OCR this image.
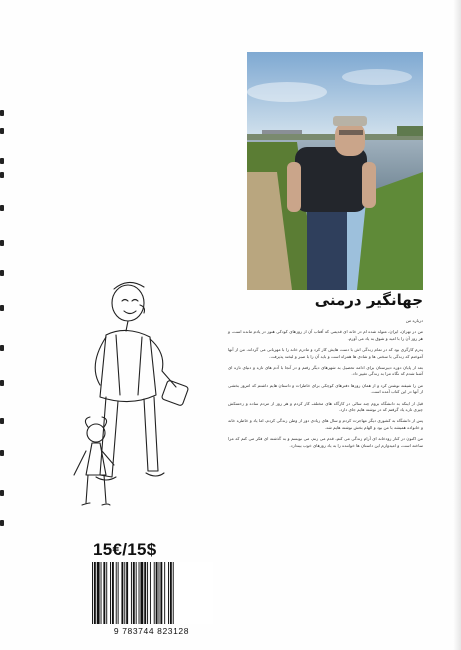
جهانگیر درمنی

درباره من

من در تهران، ایران، متولد شده ام در خانه ای قدیمی که آفتاب آن از روزهای کودکی هنوز در یادم مانده است، و هر روز آن را با امید و شوق به یاد می آورم.

پدرم کارگری بود که در تمام زندگی اش با دست هایش کار کرد و مادرم خانه را با مهربانی می گرداند، من از آنها آموختم که زندگی با سختی ها و شادی ها همراه است و باید آن را با صبر و لبخند پذیرفت.

بعد از پایان دوره دبیرستان برای ادامه تحصیل به شهرهای دیگر رفتم و در آنجا با آدم های تازه و دنیای تازه ای آشنا شدم که نگاه مرا به زندگی تغییر داد.

من را شیفته نوشتن کرد و از همان روزها دفترهای کوچکی برای خاطرات و داستان هایم داشتم که امروز بخشی از آنها در این کتاب آمده است.

قبل از اینکه به دانشگاه بروم چند سالی در کارگاه های مختلف کار کردم و هر روز از مردم ساده و زحمتکش چیزی تازه یاد گرفتم که در نوشته هایم جای دارد.

پس از دانشگاه به کشوری دیگر مهاجرت کردم و سال های زیادی دور از وطن زندگی کردم، اما یاد و خاطره خانه و خانواده همیشه با من بود و الهام بخش نوشته هایم شد.

من اکنون در کنار رودخانه ای آرام زندگی می کنم، قدم می زنم، می نویسم و به گذشته ای فکر می کنم که مرا ساخته است، و امیدوارم این داستان ها خواننده را به یاد روزهای خوب بیندازد.

15€/15$
9 783744 823128
